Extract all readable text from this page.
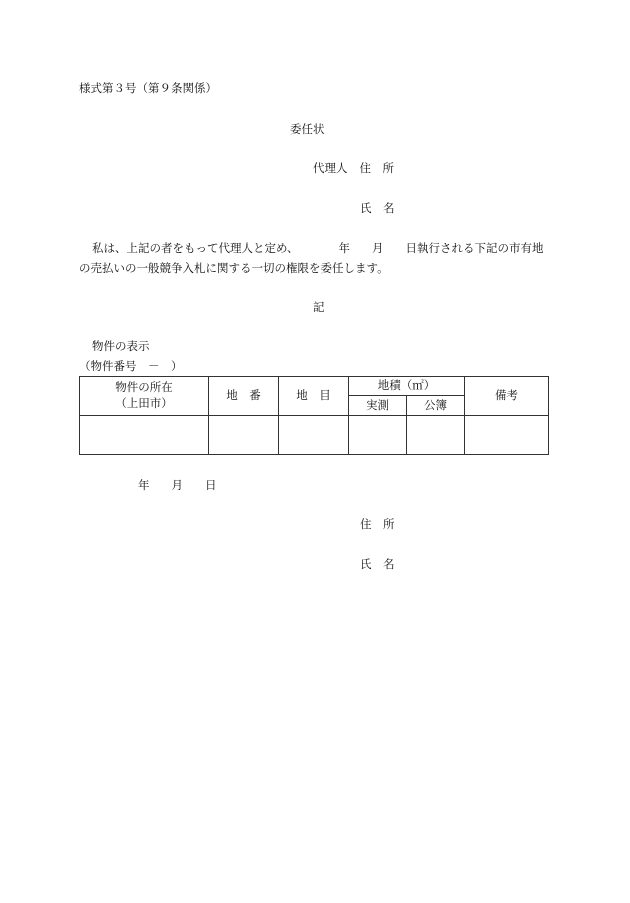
様式第３号（第９条関係）
委任状
代理人 住　所
氏　名
私は、上記の者をもって代理人と定め、	年 月 日執行される下記の市有地
の売払いの一般競争入札に関する一切の権限を委任します。
記
物件の表示
（物件番号　－　）
物件の所在
（上田市）	地　番	地　目	地積（㎡）		備考
			実測	公簿	

年 月 日
住　所
氏　名
